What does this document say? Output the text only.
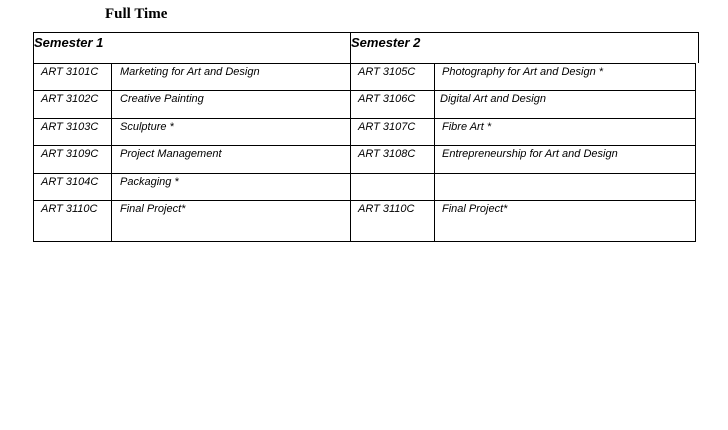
Full Time
Semester 1	Semester 2
ART 3101C Marketing for Art and Design
ART 3102C Creative Painting
ART 3103C Sculpture *
ART 3109C Project Management
ART 3104C Packaging *
ART 3110C Final Project*
ART 3105C Photography for Art and Design *
ART 3106C Digital Art and Design
ART 3107C Fibre Art *
ART 3108C Entrepreneurship for Art and Design
ART 3110C	Final Project*
